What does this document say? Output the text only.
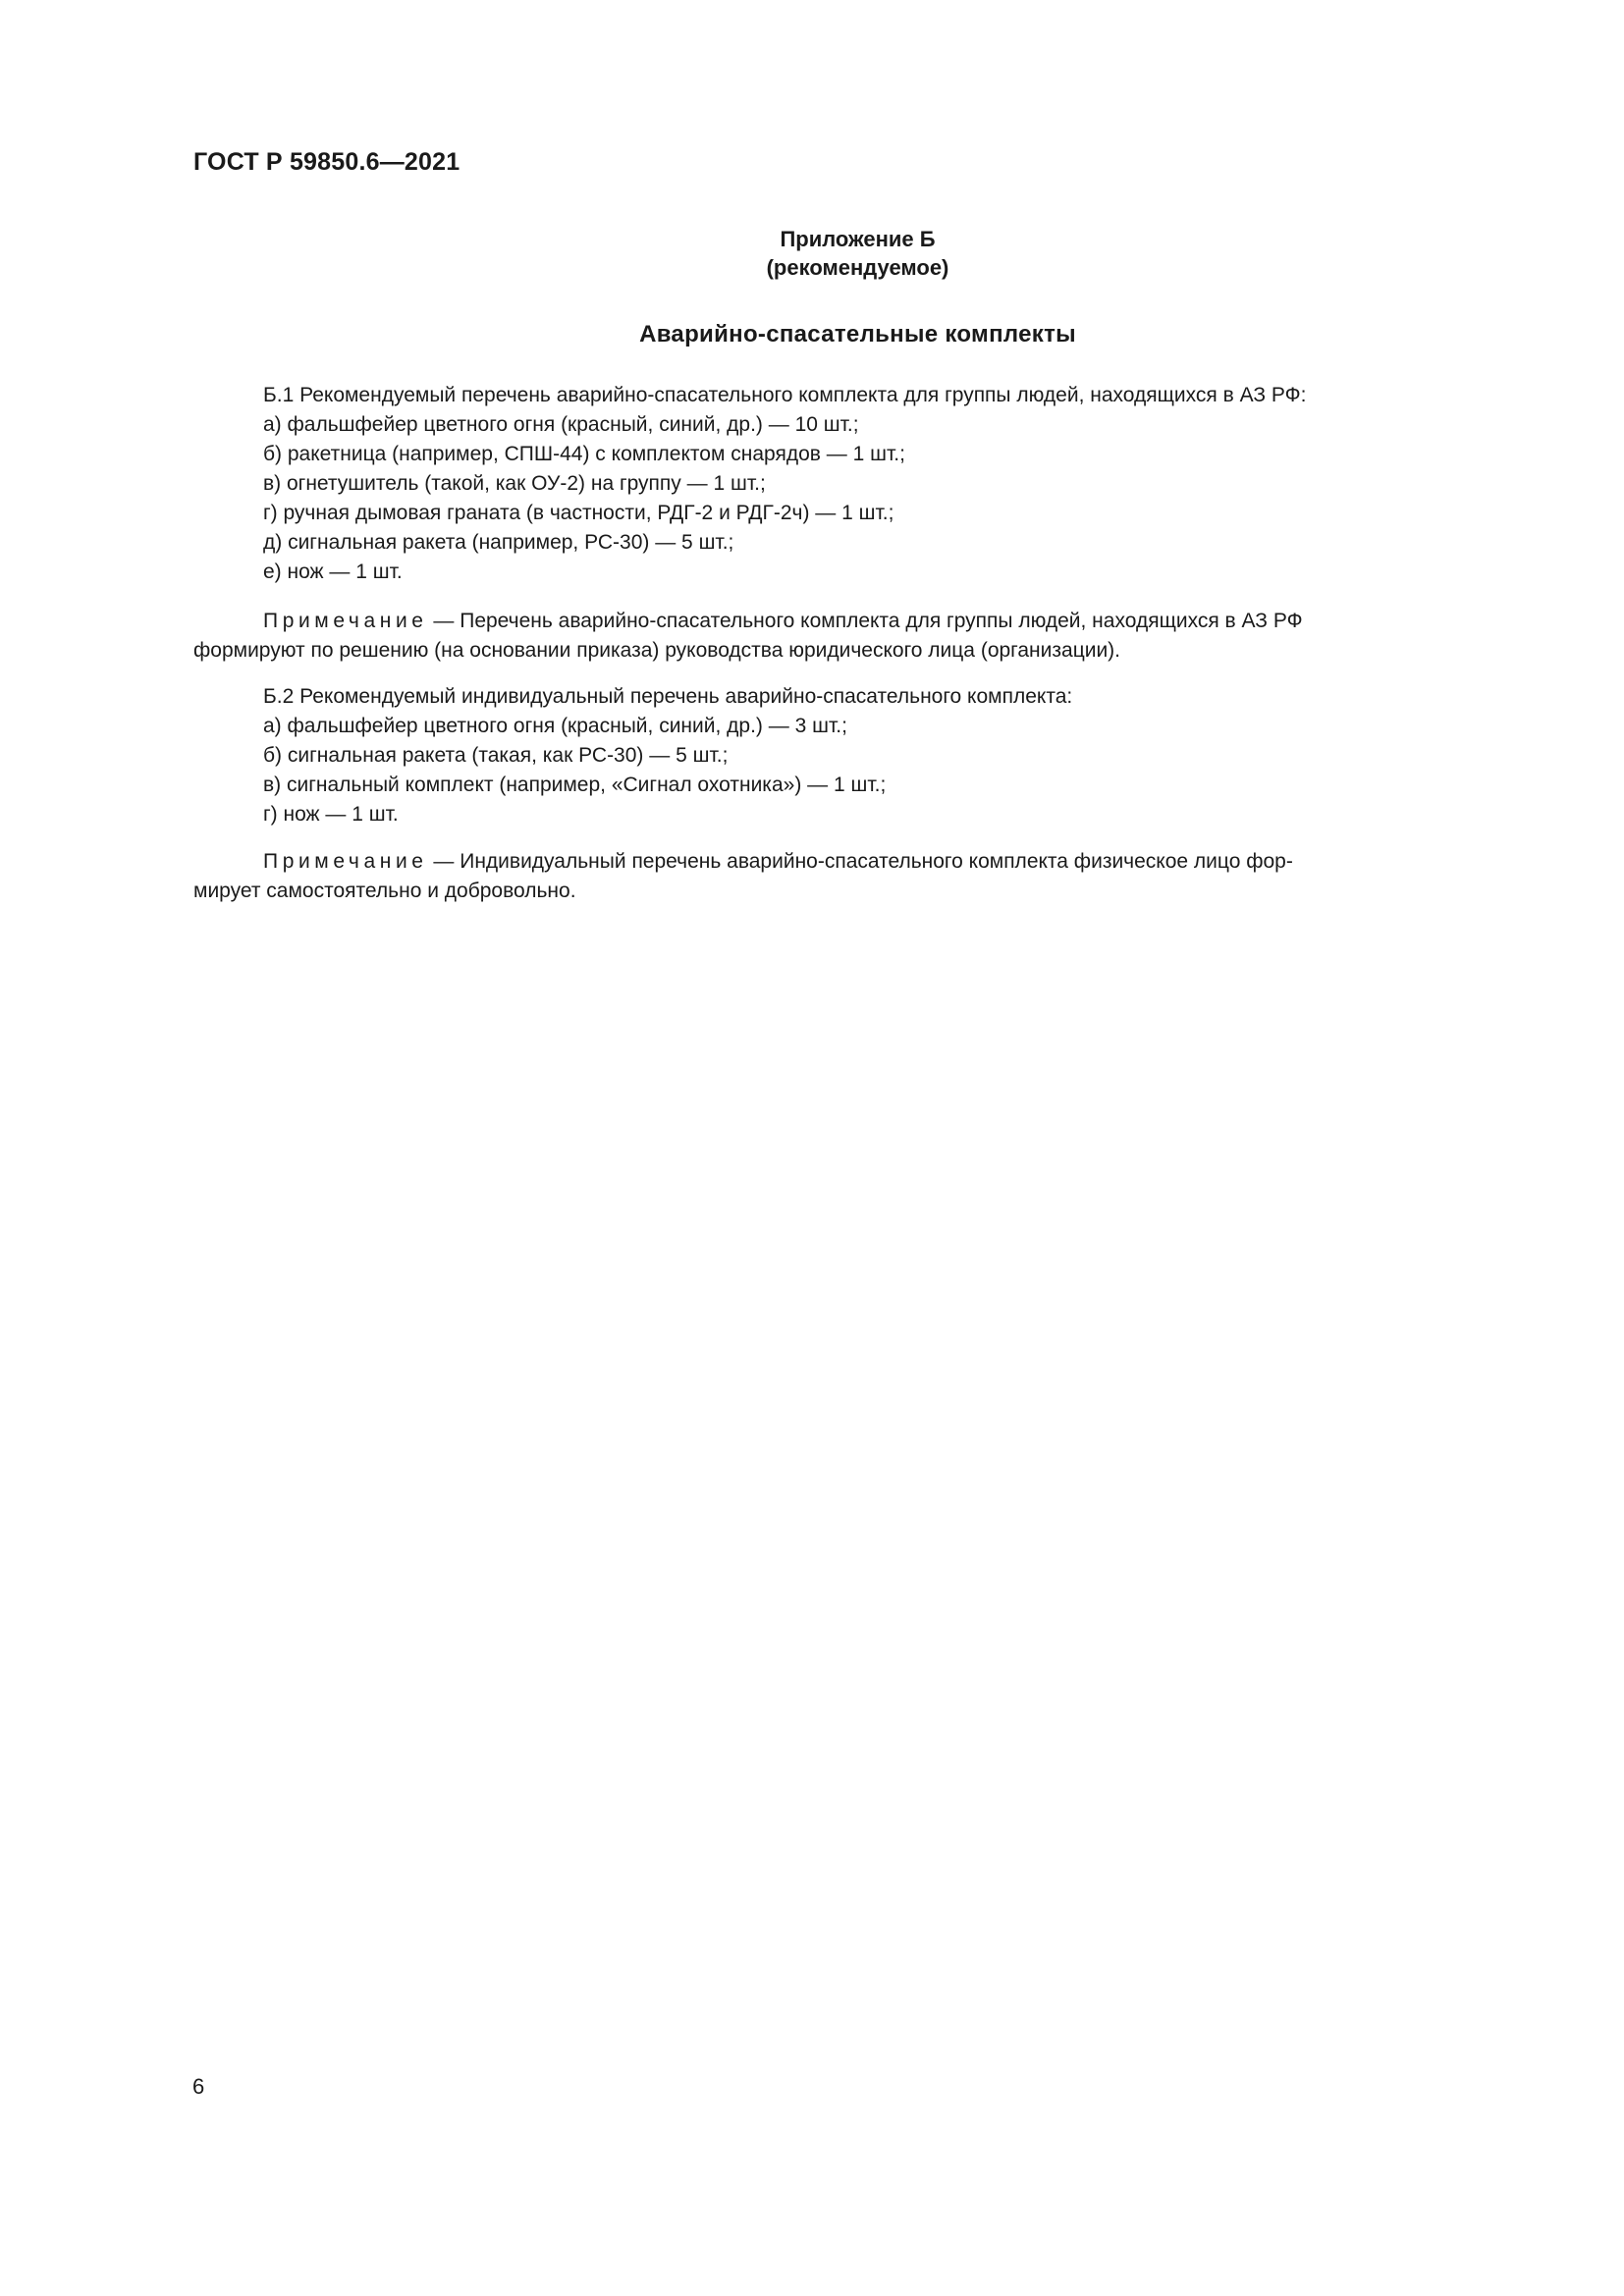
ГОСТ Р 59850.6—2021
Приложение Б
(рекомендуемое)
Аварийно-спасательные комплекты
Б.1 Рекомендуемый перечень аварийно-спасательного комплекта для группы людей, находящихся в АЗ РФ:
а) фальшфейер цветного огня (красный, синий, др.) — 10 шт.;
б) ракетница (например, СПШ-44) с комплектом снарядов — 1 шт.;
в) огнетушитель (такой, как ОУ-2) на группу — 1 шт.;
г) ручная дымовая граната (в частности, РДГ-2 и РДГ-2ч) — 1 шт.;
д) сигнальная ракета (например, РС-30) — 5 шт.;
е) нож — 1 шт.
Примечание — Перечень аварийно-спасательного комплекта для группы людей, находящихся в АЗ РФ
формируют по решению (на основании приказа) руководства юридического лица (организации).
Б.2 Рекомендуемый индивидуальный перечень аварийно-спасательного комплекта:
а) фальшфейер цветного огня (красный, синий, др.) — 3 шт.;
б) сигнальная ракета (такая, как РС-30) — 5 шт.;
в) сигнальный комплект (например, «Сигнал охотника») — 1 шт.;
г) нож — 1 шт.
Примечание — Индивидуальный перечень аварийно-спасательного комплекта физическое лицо фор-
мирует самостоятельно и добровольно.
6
